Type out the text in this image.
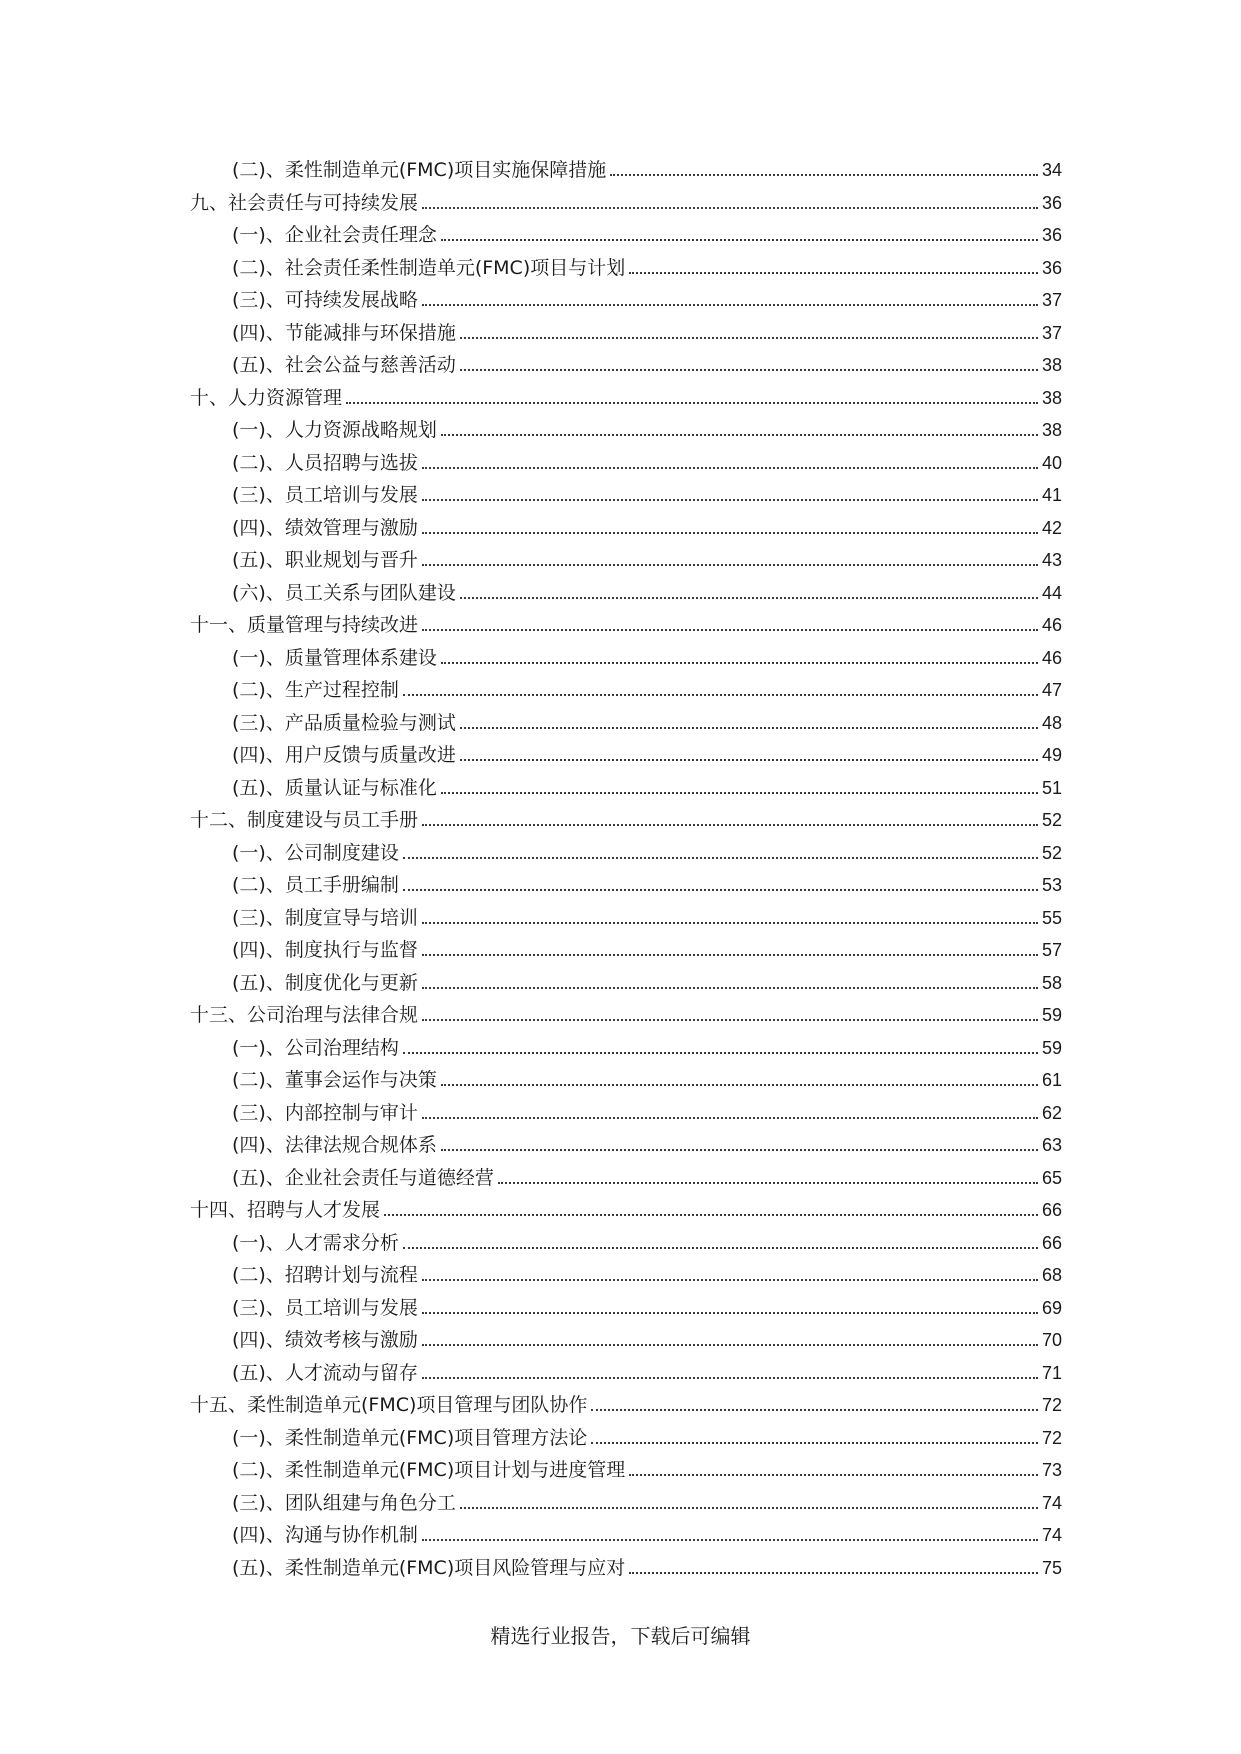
(二)、柔性制造单元(FMC)项目实施保障措施	34
九、社会责任与可持续发展	36
(一)、企业社会责任理念	36
(二)、社会责任柔性制造单元(FMC)项目与计划	36
(三)、可持续发展战略	37
(四)、节能减排与环保措施	37
(五)、社会公益与慈善活动	38
十、人力资源管理	38
(一)、人力资源战略规划	38
(二)、人员招聘与选拔	40
(三)、员工培训与发展	41
(四)、绩效管理与激励	42
(五)、职业规划与晋升	43
(六)、员工关系与团队建设	44
十一、质量管理与持续改进	46
(一)、质量管理体系建设	46
(二)、生产过程控制	47
(三)、产品质量检验与测试	48
(四)、用户反馈与质量改进	49
(五)、质量认证与标准化	51
十二、制度建设与员工手册	52
(一)、公司制度建设	52
(二)、员工手册编制	53
(三)、制度宣导与培训	55
(四)、制度执行与监督	57
(五)、制度优化与更新	58
十三、公司治理与法律合规	59
(一)、公司治理结构	59
(二)、董事会运作与决策	61
(三)、内部控制与审计	62
(四)、法律法规合规体系	63
(五)、企业社会责任与道德经营	65
十四、招聘与人才发展	66
(一)、人才需求分析	66
(二)、招聘计划与流程	68
(三)、员工培训与发展	69
(四)、绩效考核与激励	70
(五)、人才流动与留存	71
十五、柔性制造单元(FMC)项目管理与团队协作	72
(一)、柔性制造单元(FMC)项目管理方法论	72
(二)、柔性制造单元(FMC)项目计划与进度管理	73
(三)、团队组建与角色分工	74
(四)、沟通与协作机制	74
(五)、柔性制造单元(FMC)项目风险管理与应对	75
精选行业报告，下载后可编辑
